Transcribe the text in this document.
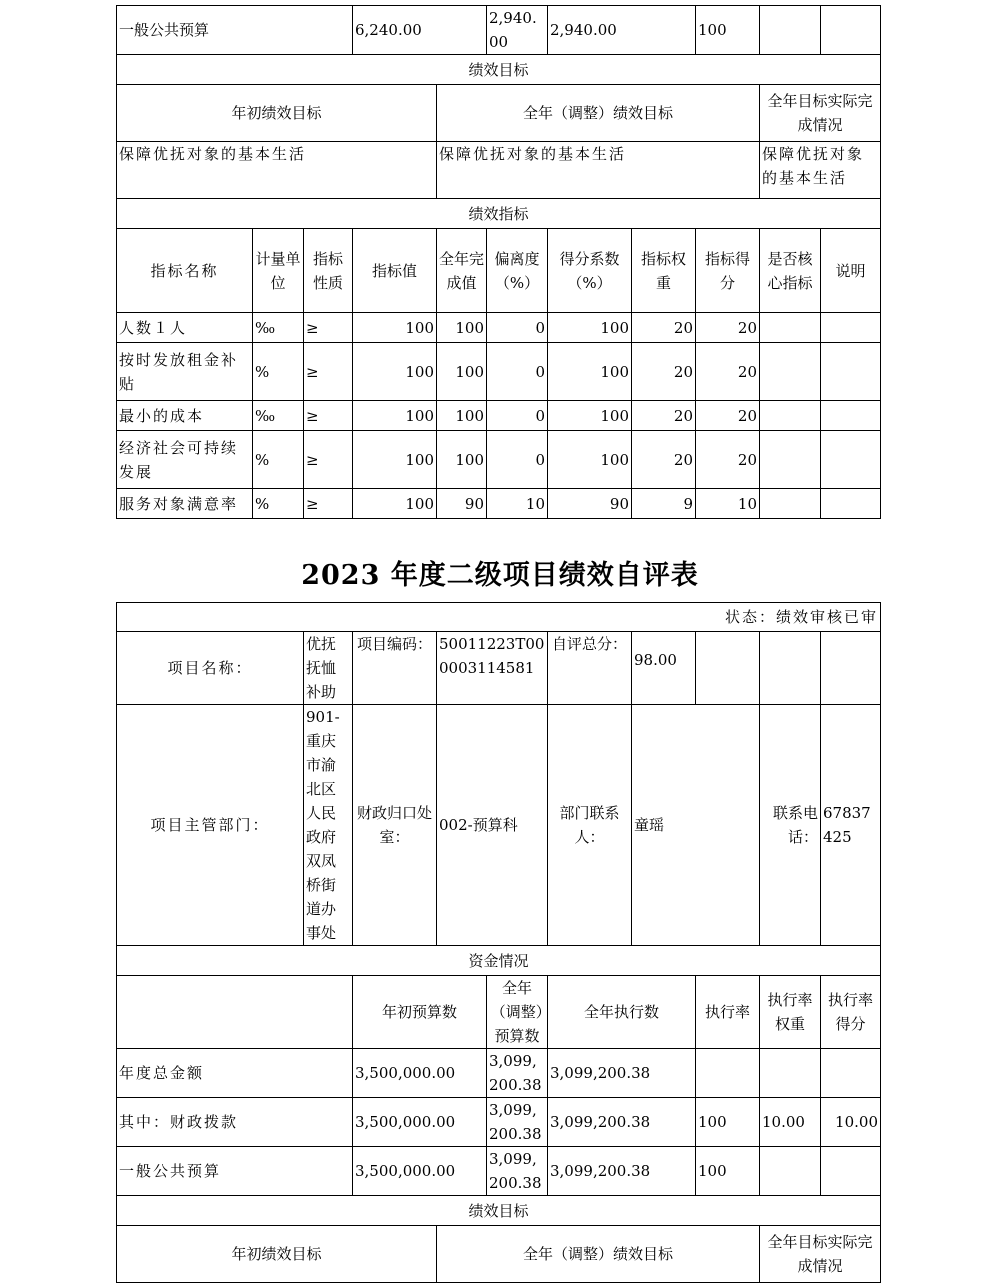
一般公共预算			6,240.00		2,940.00	2,940.00		100		
绩效目标										
年初绩效目标				全年（调整）绩效目标					全年目标实际完成情况	
保障优抚对象的基本生活				保障优抚对象的基本生活					保障优抚对象的基本生活	
绩效指标										
指标名称	计量单位	指标性质	指标值	全年完成值	偏离度（%）	得分系数（%）	指标权重	指标得分	是否核心指标	说明
人数１人	‰	≥	100	100	0	100	20	20		
按时发放租金补贴	%	≥	100	100	0	100	20	20		
最小的成本	‰	≥	100	100	0	100	20	20		
经济社会可持续发展	%	≥	100	100	0	100	20	20		
服务对象满意率	%	≥	100	90	10	90	9	10		
2023 年度二级项目绩效自评表
状态：绩效审核已审									
项目名称：	优抚抚恤补助	项目编码：	50011223T000003114581		自评总分：	98.00			
项目主管部门：	901-重庆市渝北区人民政府双凤桥街道办事处	财政归口处室：	002-预算科		部门联系人：	童瑶		联系电话：	67837425
资金情况									
		年初预算数		全年（调整）预算数	全年执行数		执行率	执行率权重	执行率得分
年度总金额		3,500,000.00		3,099,200.38	3,099,200.38				
其中：财政拨款		3,500,000.00		3,099,200.38	3,099,200.38		100	10.00	10.00
一般公共预算		3,500,000.00		3,099,200.38	3,099,200.38		100		
绩效目标									
年初绩效目标			全年（调整）绩效目标					全年目标实际完成情况	
